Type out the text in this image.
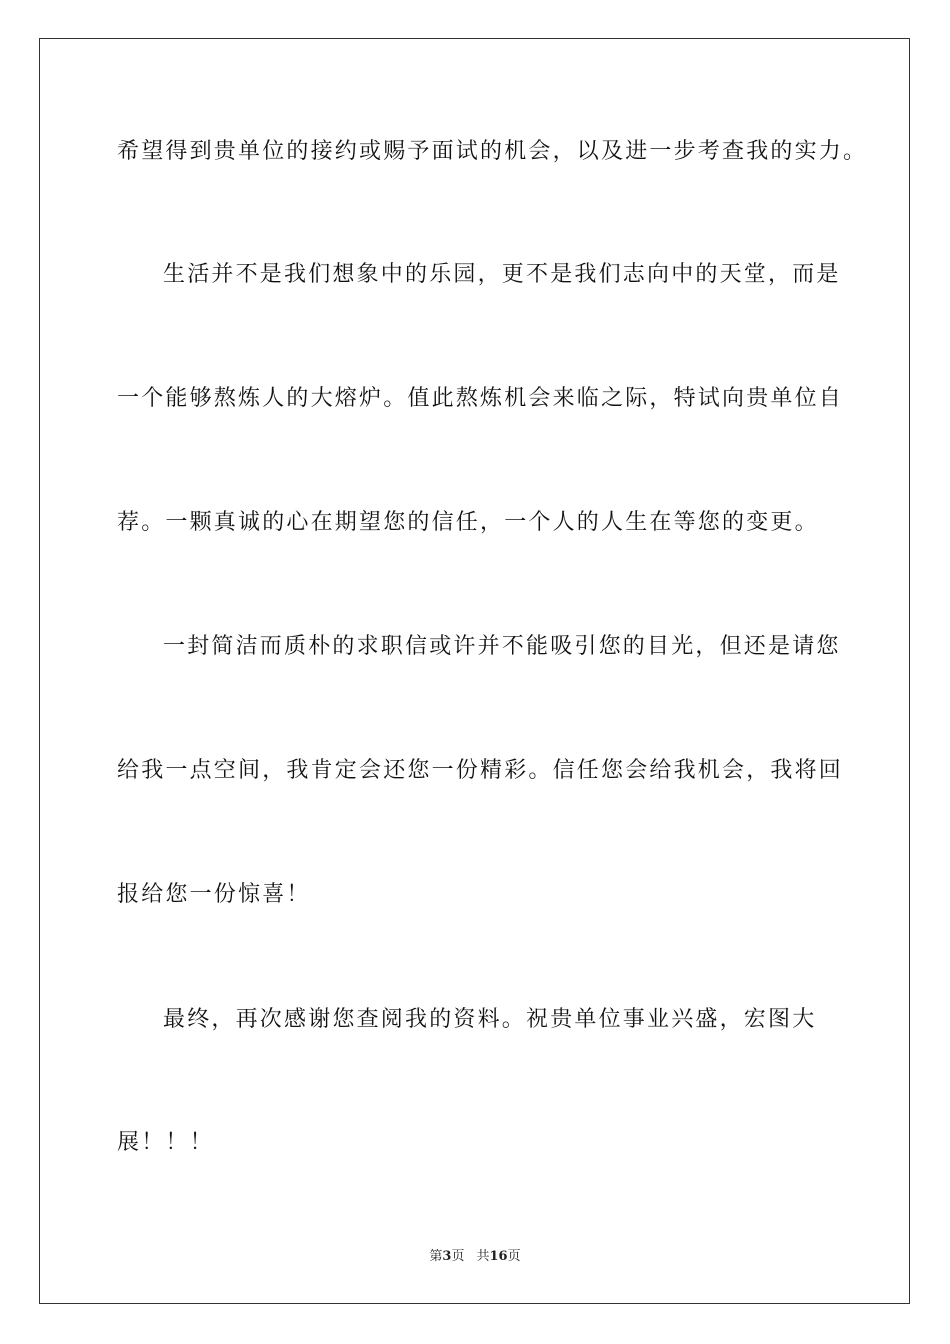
希望得到贵单位的接约或赐予面试的机会，以及进一步考查我的实力。
生活并不是我们想象中的乐园，更不是我们志向中的天堂，而是
一个能够熬炼人的大熔炉。值此熬炼机会来临之际，特试向贵单位自
荐。一颗真诚的心在期望您的信任，一个人的人生在等您的变更。
一封简洁而质朴的求职信或许并不能吸引您的目光，但还是请您
给我一点空间，我肯定会还您一份精彩。信任您会给我机会，我将回
报给您一份惊喜！
最终，再次感谢您查阅我的资料。祝贵单位事业兴盛，宏图大
展！！！
第3页 共16页
